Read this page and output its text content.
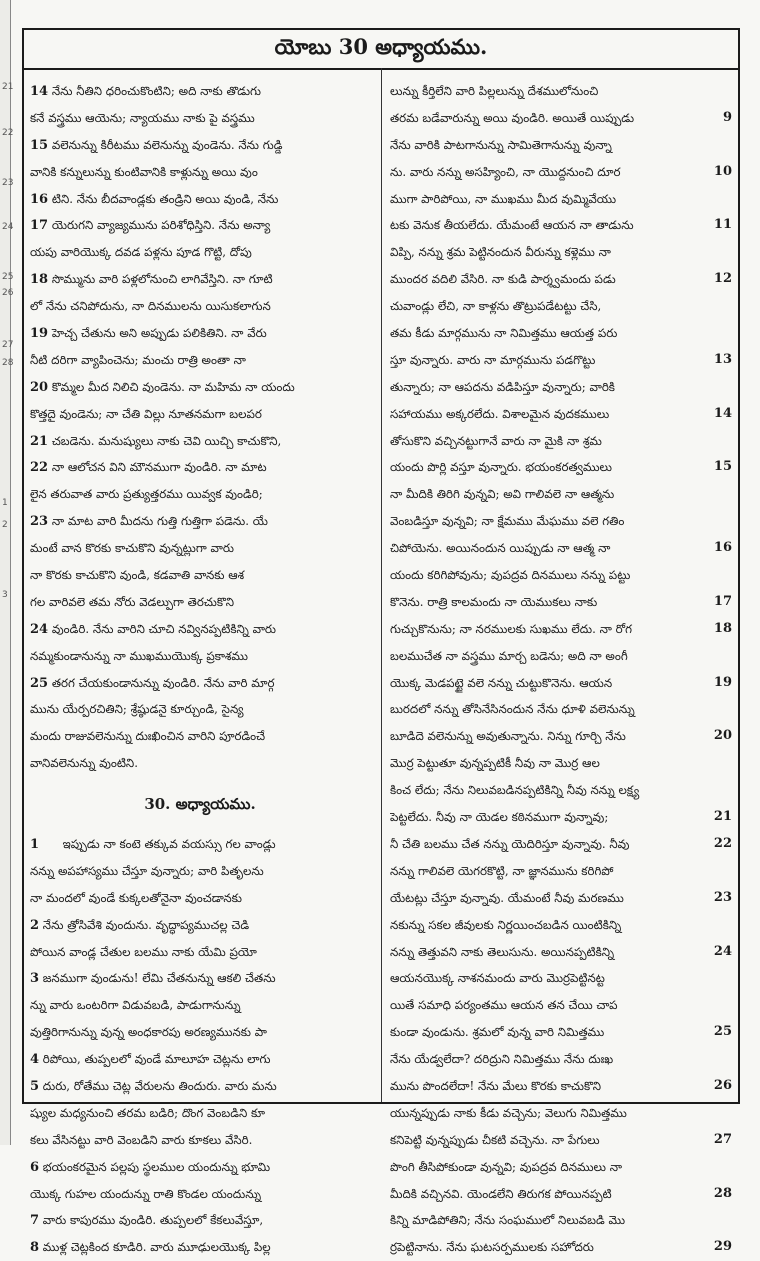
21
22
23
24
25
26
27
28
1
2
3
యోబు 30 అధ్యాయము.
14 నేను నీతిని ధరించుకొంటిని; అది నాకు తొడుగు
కనే వస్త్రము ఆయెను; న్యాయము నాకు పై వస్త్రము
15 వలెనున్ను కిరీటము వలెనున్ను వుండెను. నేను గుడ్డి
వానికి కన్నులున్ను కుంటివానికి కాళ్లున్ను అయి వుం
16 టిని. నేను బీదవాండ్లకు తండ్రిని అయి వుండి, నేను
17 యెరుగని వ్యాజ్యమును పరిశోధిస్తిని. నేను అన్యా
యపు వారియొక్క దవడ పళ్లను పూడ గొట్టి, దోపు
18 సొమ్మును వారి పళ్లలోనుంచి లాగివేస్తిని. నా గూటి
లో నేను చనిపోదును, నా దినములను యిసుకలాగున
19 హెచ్చ చేతును అని అప్పుడు పలికితిని. నా వేరు
నీటి దరిగా వ్యాపించెను; మంచు రాత్రి అంతా నా
20 కొమ్మల మీద నిలిచి వుండెను. నా మహిమ నా యందు
కొత్తదై వుండెను; నా చేతి విల్లు నూతనమగా బలపర
21 చబడెను. మనుష్యులు నాకు చెవి యిచ్చి కాచుకొని,
22 నా ఆలోచన విని మౌనముగా వుండిరి. నా మాట
లైన తరువాత వారు ప్రత్యుత్తరము యివ్వక వుండిరి;
23 నా మాట వారి మీదను గుత్తి గుత్తిగా పడెను. యే
మంటే వాన కొరకు కాచుకొని వున్నట్లుగా వారు
నా కొరకు కాచుకొని వుండి, కడవాతి వానకు ఆశ
గల వారివలె తమ నోరు వెడల్పుగా తెరచుకొని
24 వుండిరి. నేను వారిని చూచి నవ్వినప్పటికిన్ని వారు
నమ్మకుండానున్ను నా ముఖముయొక్క ప్రకాశము
25 తరగ చేయకుండానున్ను వుండిరి. నేను వారి మార్గ
మును యేర్పరచితిని; శ్రేష్ఠుడనై కూర్చుండి, సైన్య
మందు రాజువలెనున్ను దుఃఖించిన వారిని పూరడించే
వానివలెనున్ను వుంటిని.
30. అధ్యాయము.
1   ఇప్పుడు నా కంటె తక్కువ వయస్సు గల వాండ్లు
నన్ను అపహాస్యము చేస్తూ వున్నారు; వారి పితృలను
నా మందలో వుండే కుక్కలతోనైనా వుంచడానకు
2 నేను త్రోసివేశి వుందును. వృద్ధాప్యముచల్ల చెడి
పోయిన వాండ్ల చేతుల బలము నాకు యేమి ప్రయో
3 జనముగా వుండును! లేమి చేతనున్ను ఆకలి చేతను
న్ను వారు ఒంటరిగా విడువబడి, పాడుగానున్ను
వుత్తిరిగానున్ను వున్న అంధకారపు అరణ్యమునకు పా
4 రిపోయి, తుప్పలలో వుండే మాలూహ చెట్లను లాగు
5 దురు, రోతేము చెట్ల వేరులను తిందురు. వారు మను
ష్యుల మధ్యనుంచి తరమ బడిరి; దొంగ వెంబడిని కూ
కలు వేసినట్టు వారి వెంబడిని వారు కూకలు వేసిరి.
6 భయంకరమైన పల్లపు స్థలముల యందున్ను భూమి
యొక్క గుహల యందున్ను రాతి కొండల యందున్ను
7 వారు కాపురము వుండిరి. తుప్పలలో కేకలువేస్తూ,
8 ముళ్ల చెట్లకింద కూడిరి. వారు మూఢులయొక్క పిల్ల
లున్ను కీర్తిలేని వారి పిల్లలున్ను దేశములోనుంచి
తరమ బడేవారున్ను అయి వుండిరి. అయితే యిప్పుడు	9
నేను వారికి పాటగానున్ను సామితెగానున్ను వున్నా
ను. వారు నన్ను అసహ్యించి, నా యొద్దనుంచి దూర	10
ముగా పారిపోయి, నా ముఖము మీద వుమ్మివేయు
టకు వెనుక తీయలేదు. యేమంటే ఆయన నా తాడును	11
విప్పి, నన్ను శ్రమ పెట్టినందున వీరున్ను కళ్లెము నా
ముందర వదిలి వేసిరి. నా కుడి పార్శ్వమందు పడు	12
చువాండ్లు లేచి, నా కాళ్లను తొట్రుపడేటట్టు చేసి,
తమ కీడు మార్గమును నా నిమిత్తము ఆయత్త పరు
స్తూ వున్నారు. వారు నా మార్గమును పడగొట్టు	13
తున్నారు; నా ఆపదను వడిపిస్తూ వున్నారు; వారికి
సహాయము అక్కరలేదు. విశాలమైన వుదకములు	14
తోసుకొని వచ్చినట్టుగానే వారు నా మైకి నా శ్రమ
యందు పొర్లి వస్తూ వున్నారు. భయంకరత్వములు	15
నా మీదికి తిరిగి వున్నవి; అవి గాలివలె నా ఆత్మను
వెంబడిస్తూ వున్నవి; నా క్షేమము మేఘము వలె గతిం
చిపోయెను. అయినందున యిప్పుడు నా ఆత్మ నా	16
యందు కరిగిపోవును; వుపద్రవ దినములు నన్ను పట్టు
కొనెను. రాత్రి కాలమందు నా యెముకలు నాకు	17
గుచ్చుకొనును; నా నరములకు సుఖము లేదు. నా రోగ	18
బలముచేత నా వస్త్రము మార్చ బడెను; అది నా అంగీ
యొక్క మెడపట్టై వలె నన్ను చుట్టుకొనెను. ఆయన	19
బురదలో నన్ను తోసినేసినందున నేను ధూళి వలెనున్ను
బూడిదె వలెనున్ను అవుతున్నాను. నిన్ను గూర్చి నేను	20
మొర్ర పెట్టుతూ వున్నప్పటికీ నీవు నా మొర్ర ఆల
కించ లేదు; నేను నిలువబడినప్పటికిన్ని నీవు నన్ను లక్ష్య
పెట్టలేదు. నీవు నా యెడల కఠినముగా వున్నావు;	21
నీ చేతి బలము చేత నన్ను యెదిరిస్తూ వున్నావు. నీవు	22
నన్ను గాలివలె యెగరకొట్టి, నా జ్ఞానమును కరిగిపో
యేటట్లు చేస్తూ వున్నావు. యేమంటే నీవు మరణము	23
నకున్ను సకల జీవులకు నిర్ణయించబడిన యింటికిన్ని
నన్ను తెత్తువని నాకు తెలుసును. అయినప్పటికిన్ని	24
ఆయనయొక్క నాశనమందు వారు మొర్రపెట్టినట్ట
యితే సమాధి పర్యంతము ఆయన తన చేయి చాప
కుండా వుండును. శ్రమలో వున్న వారి నిమిత్తము	25
నేను యేడ్వలేదా? దరిద్రుని నిమిత్తము నేను దుఃఖ
మును పొందలేదా! నేను మేలు కొరకు కాచుకొని	26
యున్నప్పుడు నాకు కీడు వచ్చెను; వెలుగు నిమిత్తము
కనిపెట్టి వున్నప్పుడు చీకటి వచ్చెను. నా పేగులు	27
పొంగి తీసిపోకుండా వున్నవి; వుపద్రవ దినములు నా
మీదికి వచ్చినవి. యెండలేని తిరుగక పోయినప్పటి	28
కిన్ని మాడిపోతిని; నేను సంఘములో నిలువబడి మొ
ర్రపెట్టినాను. నేను ఘటసర్పములకు సహోదరు	29
